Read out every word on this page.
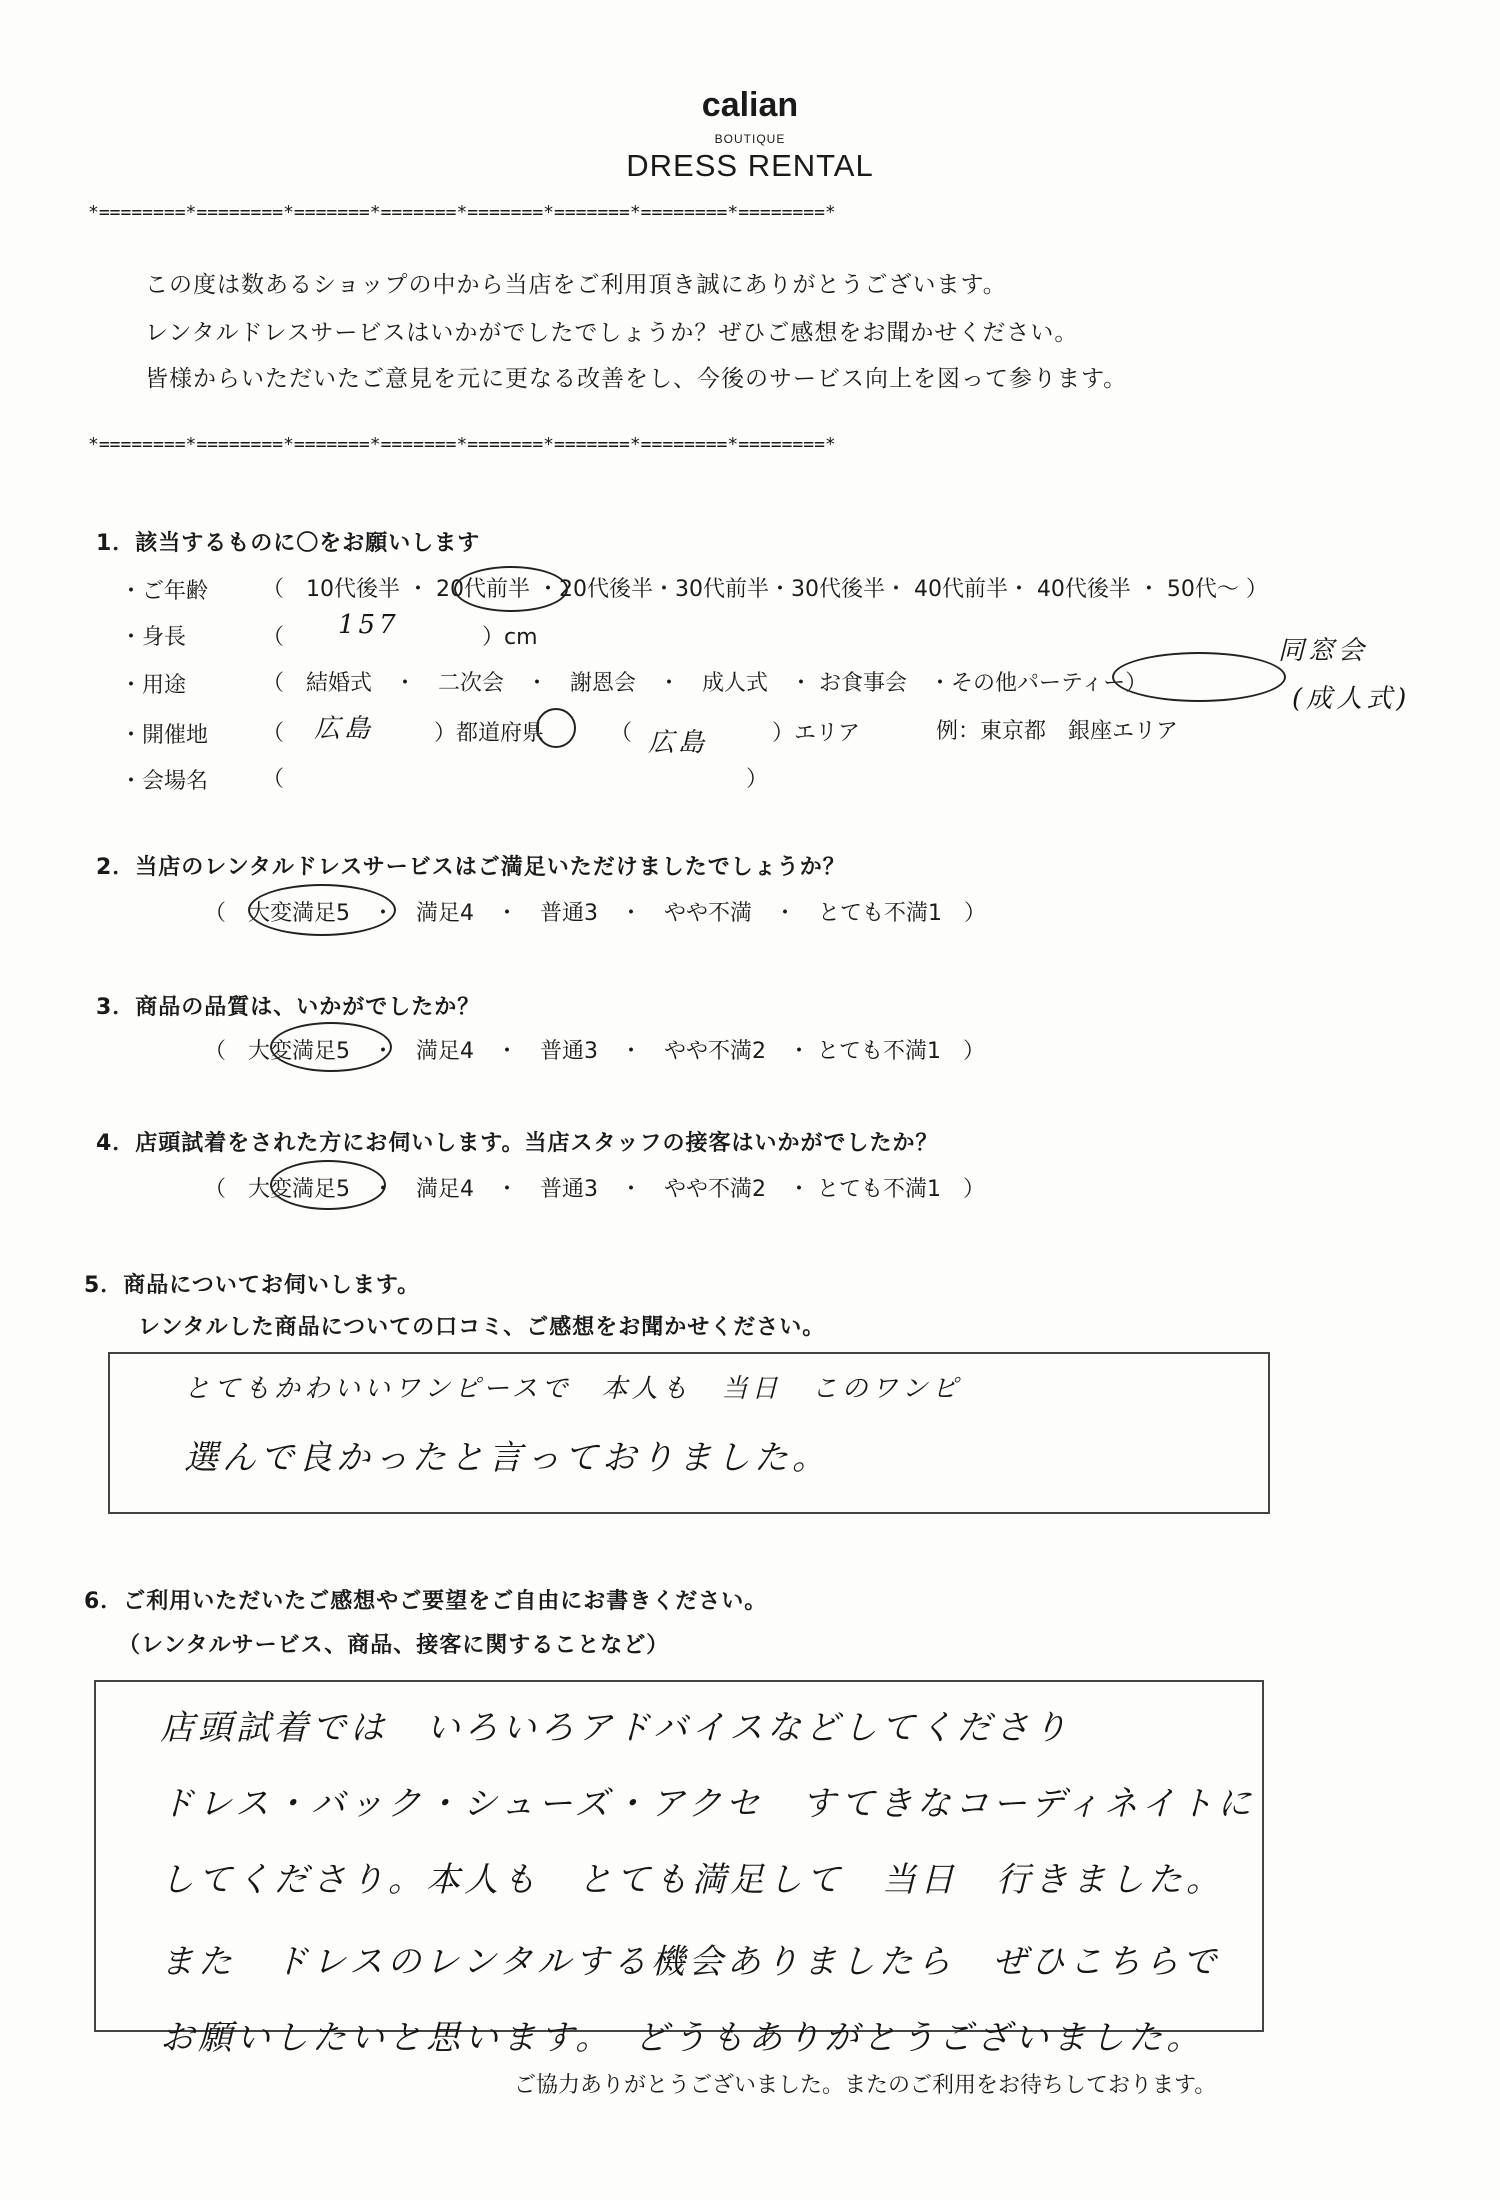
calian
BOUTIQUE
DRESS RENTAL
*========*========*=======*=======*=======*=======*========*========*
この度は数あるショップの中から当店をご利用頂き誠にありがとうございます。
レンタルドレスサービスはいかがでしたでしょうか？ぜひご感想をお聞かせください。
皆様からいただいたご意見を元に更なる改善をし、今後のサービス向上を図って参ります。
*========*========*=======*=======*=======*=======*========*========*
1．該当するものに〇をお願いします
・ご年齢 （　10代後半 ・ 20代前半 ・20代後半・30代前半・30代後半・ 40代前半・ 40代後半 ・ 50代～ ）
・身長	（ 157	）cm
・用途	（　結婚式　・　二次会　・　謝恩会　・　成人式　・ お食事会　・その他パーティー）
同窓会
(成人式)
・開催地 （ 広島	）都道府県	（ 広島	）エリア	例：東京都　銀座エリア
・会場名 （	）
2．当店のレンタルドレスサービスはご満足いただけましたでしょうか？
（　大変満足5　・　満足4　・　普通3　・　やや不満　・　とても不満1　）
3．商品の品質は、いかがでしたか？
（　大変満足5　・　満足4　・　普通3　・　やや不満2　・ とても不満1　）
4．店頭試着をされた方にお伺いします。当店スタッフの接客はいかがでしたか？
（　大変満足5　・　満足4　・　普通3　・　やや不満2　・ とても不満1　）
5．商品についてお伺いします。
レンタルした商品についての口コミ、ご感想をお聞かせください。
とてもかわいいワンピースで　本人も　当日　このワンピ
選んで良かったと言っておりました。
6．ご利用いただいたご感想やご要望をご自由にお書きください。
（レンタルサービス、商品、接客に関することなど）
店頭試着では　いろいろアドバイスなどしてくださり
ドレス・バック・シューズ・アクセ　すてきなコーディネイトに
してくださり。本人も　とても満足して　当日　行きました。
また　ドレスのレンタルする機会ありましたら　ぜひこちらで
お願いしたいと思います。　どうもありがとうございました。
ご協力ありがとうございました。またのご利用をお待ちしております。
